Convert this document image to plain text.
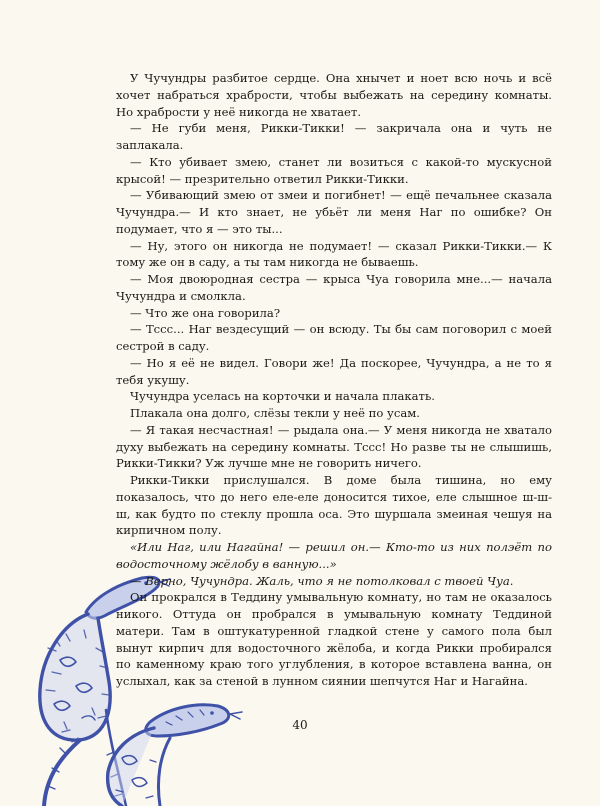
У Чучундры разбитое сердце. Она хнычет и ноет всю ночь и всё хочет набраться храбрости, чтобы выбежать на середину комнаты. Но храбрости у неё никогда не хватает.

— Не губи меня, Рикки-Тикки! — закричала она и чуть не заплакала.

— Кто убивает змею, станет ли возиться с какой-то мускусной крысой! — презрительно ответил Рикки-Тикки.

— Убивающий змею от змеи и погибнет! — ещё печальнее сказала Чучундра.— И кто знает, не убьёт ли меня Наг по ошибке? Он подумает, что я — это ты...

— Ну, этого он никогда не подумает! — сказал Рикки-Тикки.— К тому же он в саду, а ты там никогда не бываешь.

— Моя двоюродная сестра — крыса Чуа говорила мне...— начала Чучундра и смолкла.

— Что же она говорила?

— Тссс... Наг вездесущий — он всюду. Ты бы сам поговорил с моей сестрой в саду.

— Но я её не видел. Говори же! Да поскорее, Чучундра, а не то я тебя укушу.

Чучундра уселась на корточки и начала плакать.

Плакала она долго, слёзы текли у неё по усам.

— Я такая несчастная! — рыдала она.— У меня никогда не хватало духу выбежать на середину комнаты. Тссс! Но разве ты не слышишь, Рикки-Тикки? Уж лучше мне не говорить ничего.

Рикки-Тикки прислушался. В доме была тишина, но ему показалось, что до него еле-еле доносится тихое, еле слышное ш-ш-ш, как будто по стеклу прошла оса. Это шуршала змеиная чешуя на кирпичном полу.

«Или Наг, или Нагайна! — решил он.— Кто-то из них полэёт по водосточному жёлобу в ванную...»

— Верно, Чучундра. Жаль, что я не потолковал с твоей Чуа.

Он прокрался в Теддину умывальную комнату, но там не оказалось никого. Оттуда он пробрался в умывальную комнату Теддиной матери. Там в оштукатуренной гладкой стене у самого пола был вынут кирпич для водосточного жёлоба, и когда Рикки пробирался по каменному краю того углубления, в которое вставлена ванна, он услыхал, как за стеной в лунном сиянии шепчутся Наг и Нагайна.

40
